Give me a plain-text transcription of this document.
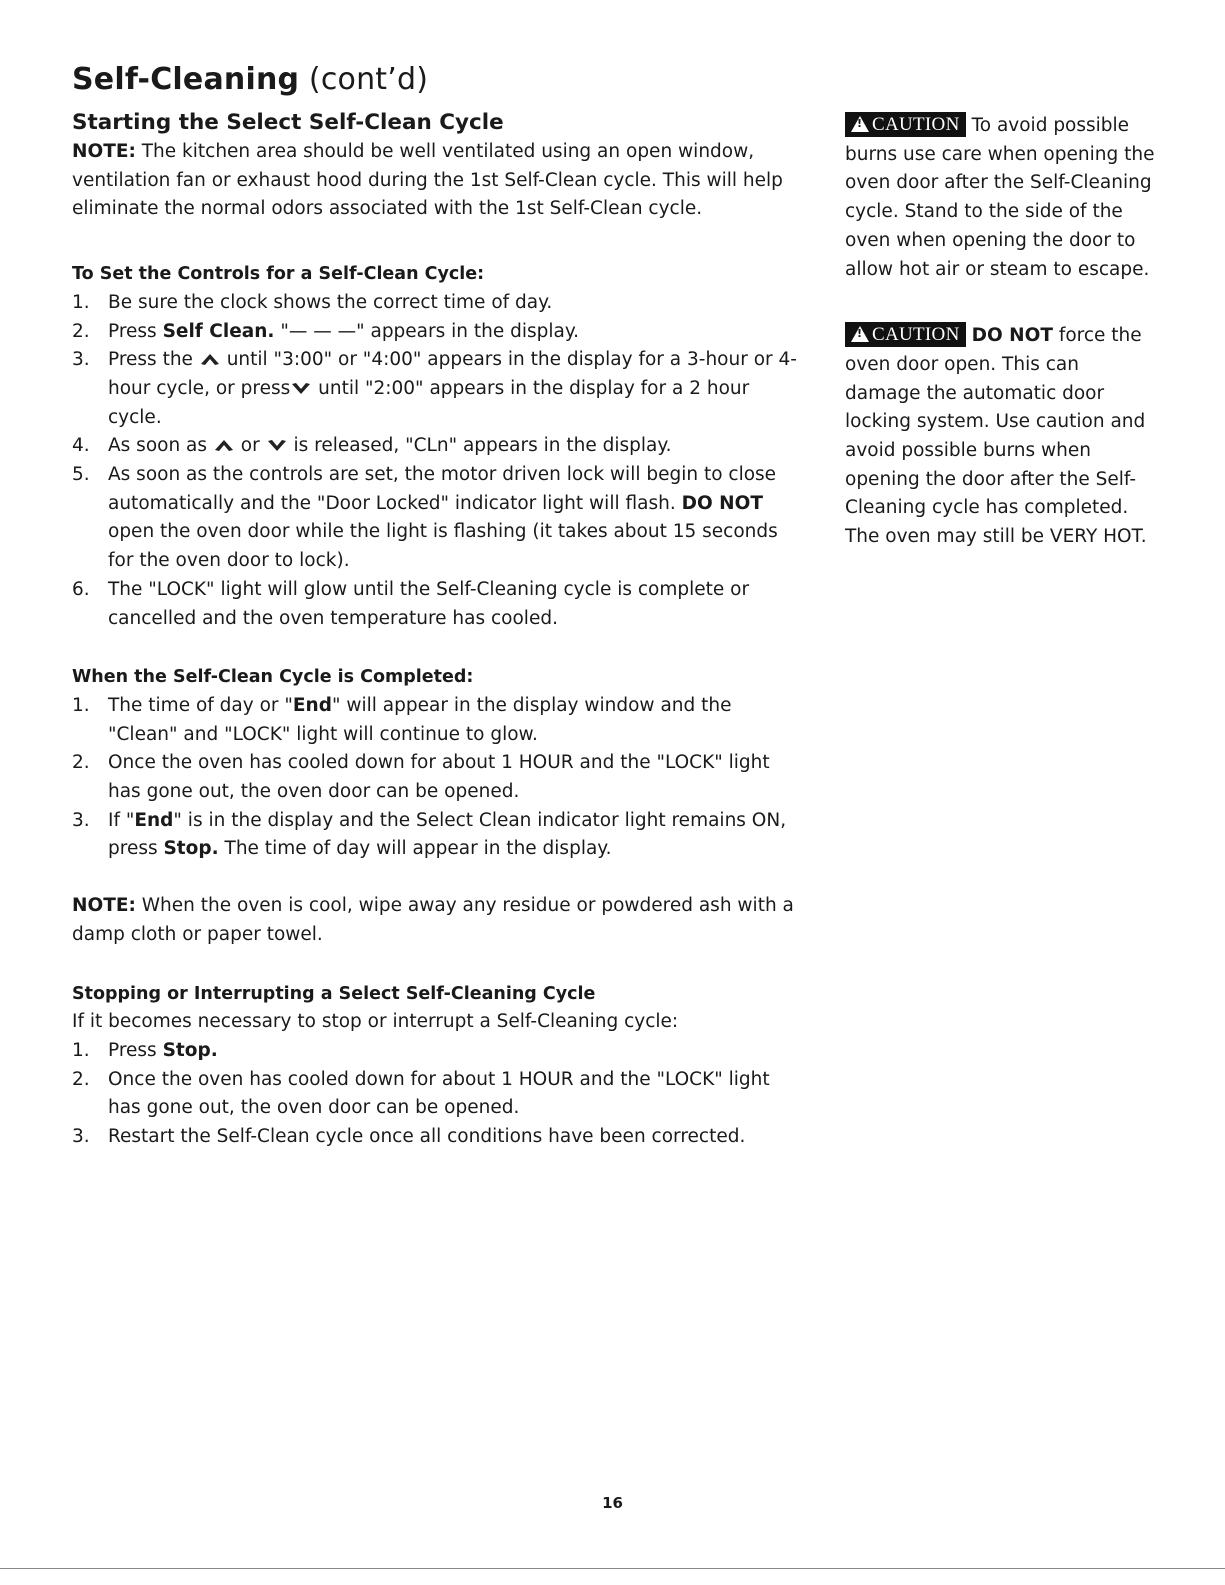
Self-Cleaning (cont’d)
Starting the Select Self-Clean Cycle

NOTE: The kitchen area should be well ventilated using an open window, ventilation fan or exhaust hood during the 1st Self-Clean cycle. This will help eliminate the normal odors associated with the 1st Self-Clean cycle.

To Set the Controls for a Self-Clean Cycle:
1. Be sure the clock shows the correct time of day.
2. Press Self Clean. "— — —" appears in the display.
3. Press the  until "3:00" or "4:00" appears in the display for a 3-hour or 4-hour cycle, or press until "2:00" appears in the display for a 2 hour cycle.
4. As soon as  or  is released, "CLn" appears in the display.
5. As soon as the controls are set, the motor driven lock will begin to close automatically and the "Door Locked" indicator light will flash. DO NOT open the oven door while the light is flashing (it takes about 15 seconds for the oven door to lock).
6. The "LOCK" light will glow until the Self-Cleaning cycle is complete or cancelled and the oven temperature has cooled.
When the Self-Clean Cycle is Completed:
1. The time of day or "End" will appear in the display window and the "Clean" and "LOCK" light will continue to glow.
2. Once the oven has cooled down for about 1 HOUR and the "LOCK" light has gone out, the oven door can be opened.
3. If "End" is in the display and the Select Clean indicator light remains ON, press Stop. The time of day will appear in the display.

NOTE: When the oven is cool, wipe away any residue or powdered ash with a damp cloth or paper towel.

Stopping or Interrupting a Select Self-Cleaning Cycle

If it becomes necessary to stop or interrupt a Self-Cleaning cycle:

1. Press Stop.
2. Once the oven has cooled down for about 1 HOUR and the "LOCK" light has gone out, the oven door can be opened.
3. Restart the Self-Clean cycle once all conditions have been corrected.
!CAUTION To avoid possible burns use care when opening the oven door after the Self-Cleaning cycle. Stand to the side of the oven when opening the door to allow hot air or steam to escape.
!CAUTION DO NOT force the oven door open. This can damage the automatic door locking system. Use caution and avoid possible burns when opening the door after the Self-Cleaning cycle has completed. The oven may still be VERY HOT.
16
